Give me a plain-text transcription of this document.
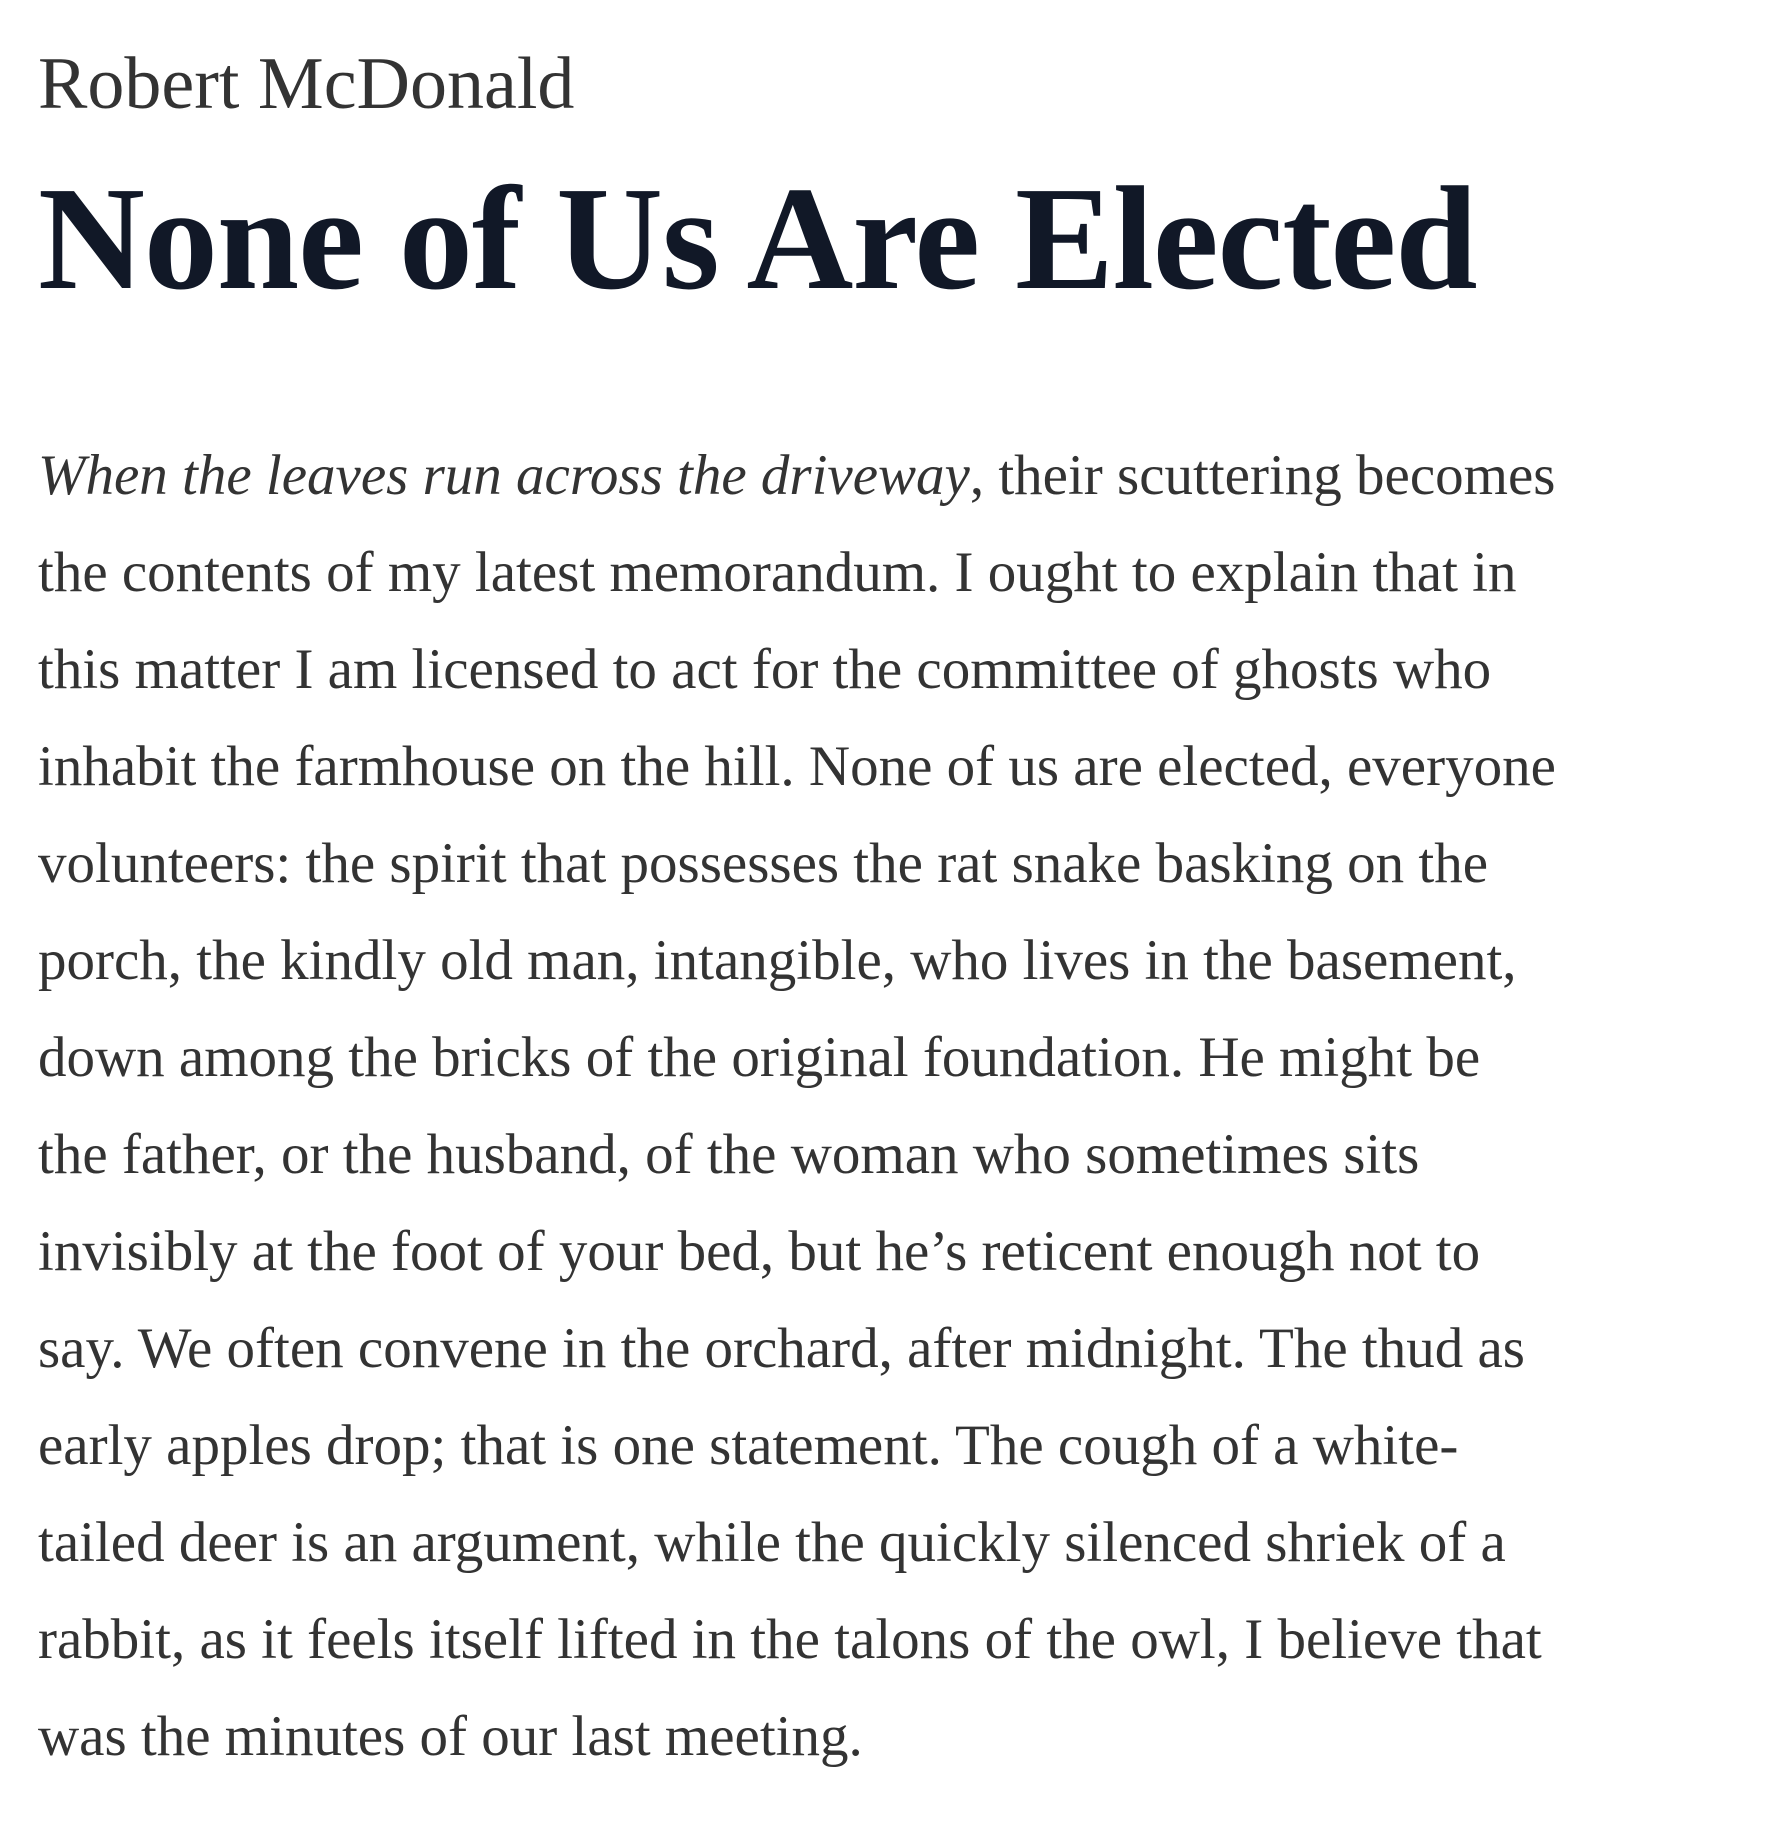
Robert McDonald
None of Us Are Elected
When the leaves run across the driveway, their scuttering becomes
the contents of my latest memorandum. I ought to explain that in
this matter I am licensed to act for the committee of ghosts who
inhabit the farmhouse on the hill. None of us are elected, everyone
volunteers: the spirit that possesses the rat snake basking on the
porch, the kindly old man, intangible, who lives in the basement,
down among the bricks of the original foundation. He might be
the father, or the husband, of the woman who sometimes sits
invisibly at the foot of your bed, but he’s reticent enough not to
say. We often convene in the orchard, after midnight. The thud as
early apples drop; that is one statement. The cough of a white-
tailed deer is an argument, while the quickly silenced shriek of a
rabbit, as it feels itself lifted in the talons of the owl, I believe that
was the minutes of our last meeting.
